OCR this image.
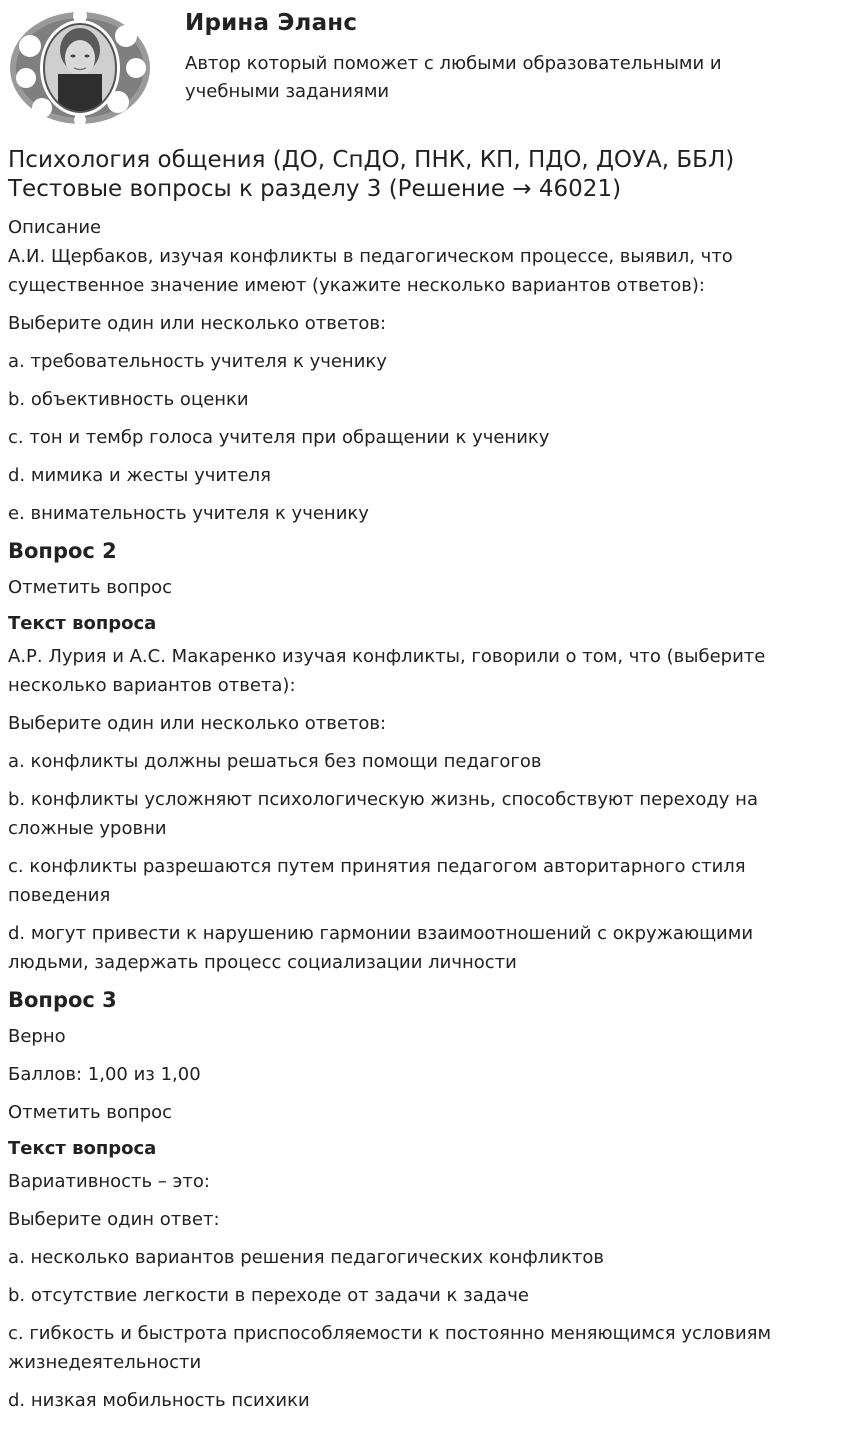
Ирина Эланс
Автор который поможет с любыми образовательными и учебными заданиями
Психология общения (ДО, СпДО, ПНК, КП, ПДО, ДОУА, ББЛ)
Тестовые вопросы к разделу 3 (Решение → 46021)
Описание
А.И. Щербаков, изучая конфликты в педагогическом процессе, выявил, что существенное значение имеют (укажите несколько вариантов ответов):
Выберите один или несколько ответов:
a. требовательность учителя к ученику
b. объективность оценки
c. тон и тембр голоса учителя при обращении к ученику
d. мимика и жесты учителя
e. внимательность учителя к ученику
Вопрос 2
Отметить вопрос
Текст вопроса
А.Р. Лурия и А.С. Макаренко изучая конфликты, говорили о том, что (выберите несколько вариантов ответа):
Выберите один или несколько ответов:
a. конфликты должны решаться без помощи педагогов
b. конфликты усложняют психологическую жизнь, способствуют переходу на сложные уровни
c. конфликты разрешаются путем принятия педагогом авторитарного стиля поведения
d. могут привести к нарушению гармонии взаимоотношений с окружающими людьми, задержать процесс социализации личности
Вопрос 3
Верно
Баллов: 1,00 из 1,00
Отметить вопрос
Текст вопроса
Вариативность – это:
Выберите один ответ:
a. несколько вариантов решения педагогических конфликтов
b. отсутствие легкости в переходе от задачи к задаче
c. гибкость и быстрота приспособляемости к постоянно меняющимся условиям жизнедеятельности
d. низкая мобильность психики
